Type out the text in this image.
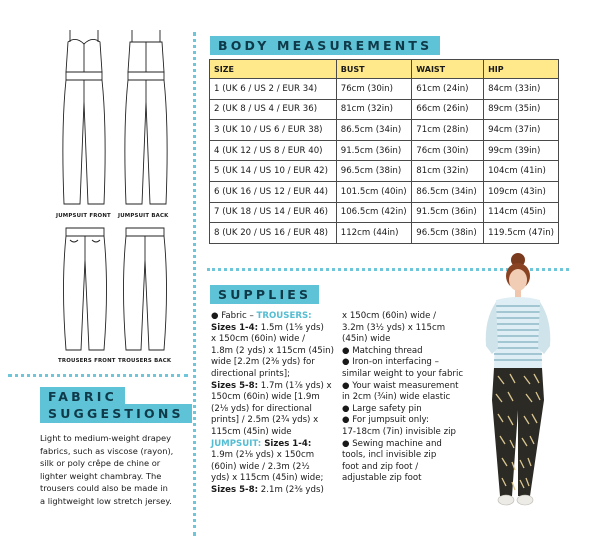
JUMPSUIT FRONT JUMPSUIT BACK
TROUSERS FRONT TROUSERS BACK
BODY MEASUREMENTS
SIZE	BUST	WAIST	HIP
1 (UK 6 / US 2 / EUR 34)	76cm (30in)	61cm (24in)	84cm (33in)
2 (UK 8 / US 4 / EUR 36)	81cm (32in)	66cm (26in)	89cm (35in)
3 (UK 10 / US 6 / EUR 38)	86.5cm (34in)	71cm (28in)	94cm (37in)
4 (UK 12 / US 8 / EUR 40)	91.5cm (36in)	76cm (30in)	99cm (39in)
5 (UK 14 / US 10 / EUR 42)	96.5cm (38in)	81cm (32in)	104cm (41in)
6 (UK 16 / US 12 / EUR 44)	101.5cm (40in)	86.5cm (34in)	109cm (43in)
7 (UK 18 / US 14 / EUR 46)	106.5cm (42in)	91.5cm (36in)	114cm (45in)
8 (UK 20 / US 16 / EUR 48)	112cm (44in)	96.5cm (38in)	119.5cm (47in)
SUPPLIES
● Fabric – TROUSERS:
Sizes 1-4: 1.5m (1⅝ yds)
x 150cm (60in) wide /
1.8m (2 yds) x 115cm (45in)
wide [2.2m (2⅜ yds) for
directional prints];
Sizes 5-8: 1.7m (1⅞ yds) x
150cm (60in) wide [1.9m
(2⅛ yds) for directional
prints] / 2.5m (2¾ yds) x
115cm (45in) wide
JUMPSUIT: Sizes 1-4:
1.9m (2⅛ yds) x 150cm
(60in) wide / 2.3m (2½
yds) x 115cm (45in) wide;
Sizes 5-8: 2.1m (2⅜ yds)
x 150cm (60in) wide /
3.2m (3½ yds) x 115cm
(45in) wide
● Matching thread
● Iron-on interfacing –
similar weight to your fabric
● Your waist measurement
in 2cm (¾in) wide elastic
● Large safety pin
● For jumpsuit only:
17-18cm (7in) invisible zip
● Sewing machine and
tools, incl invisible zip
foot and zip foot /
adjustable zip foot
FABRIC
SUGGESTIONS
Light to medium-weight drapey
fabrics, such as viscose (rayon),
silk or poly crêpe de chine or
lighter weight chambray. The
trousers could also be made in
a lightweight low stretch jersey.
